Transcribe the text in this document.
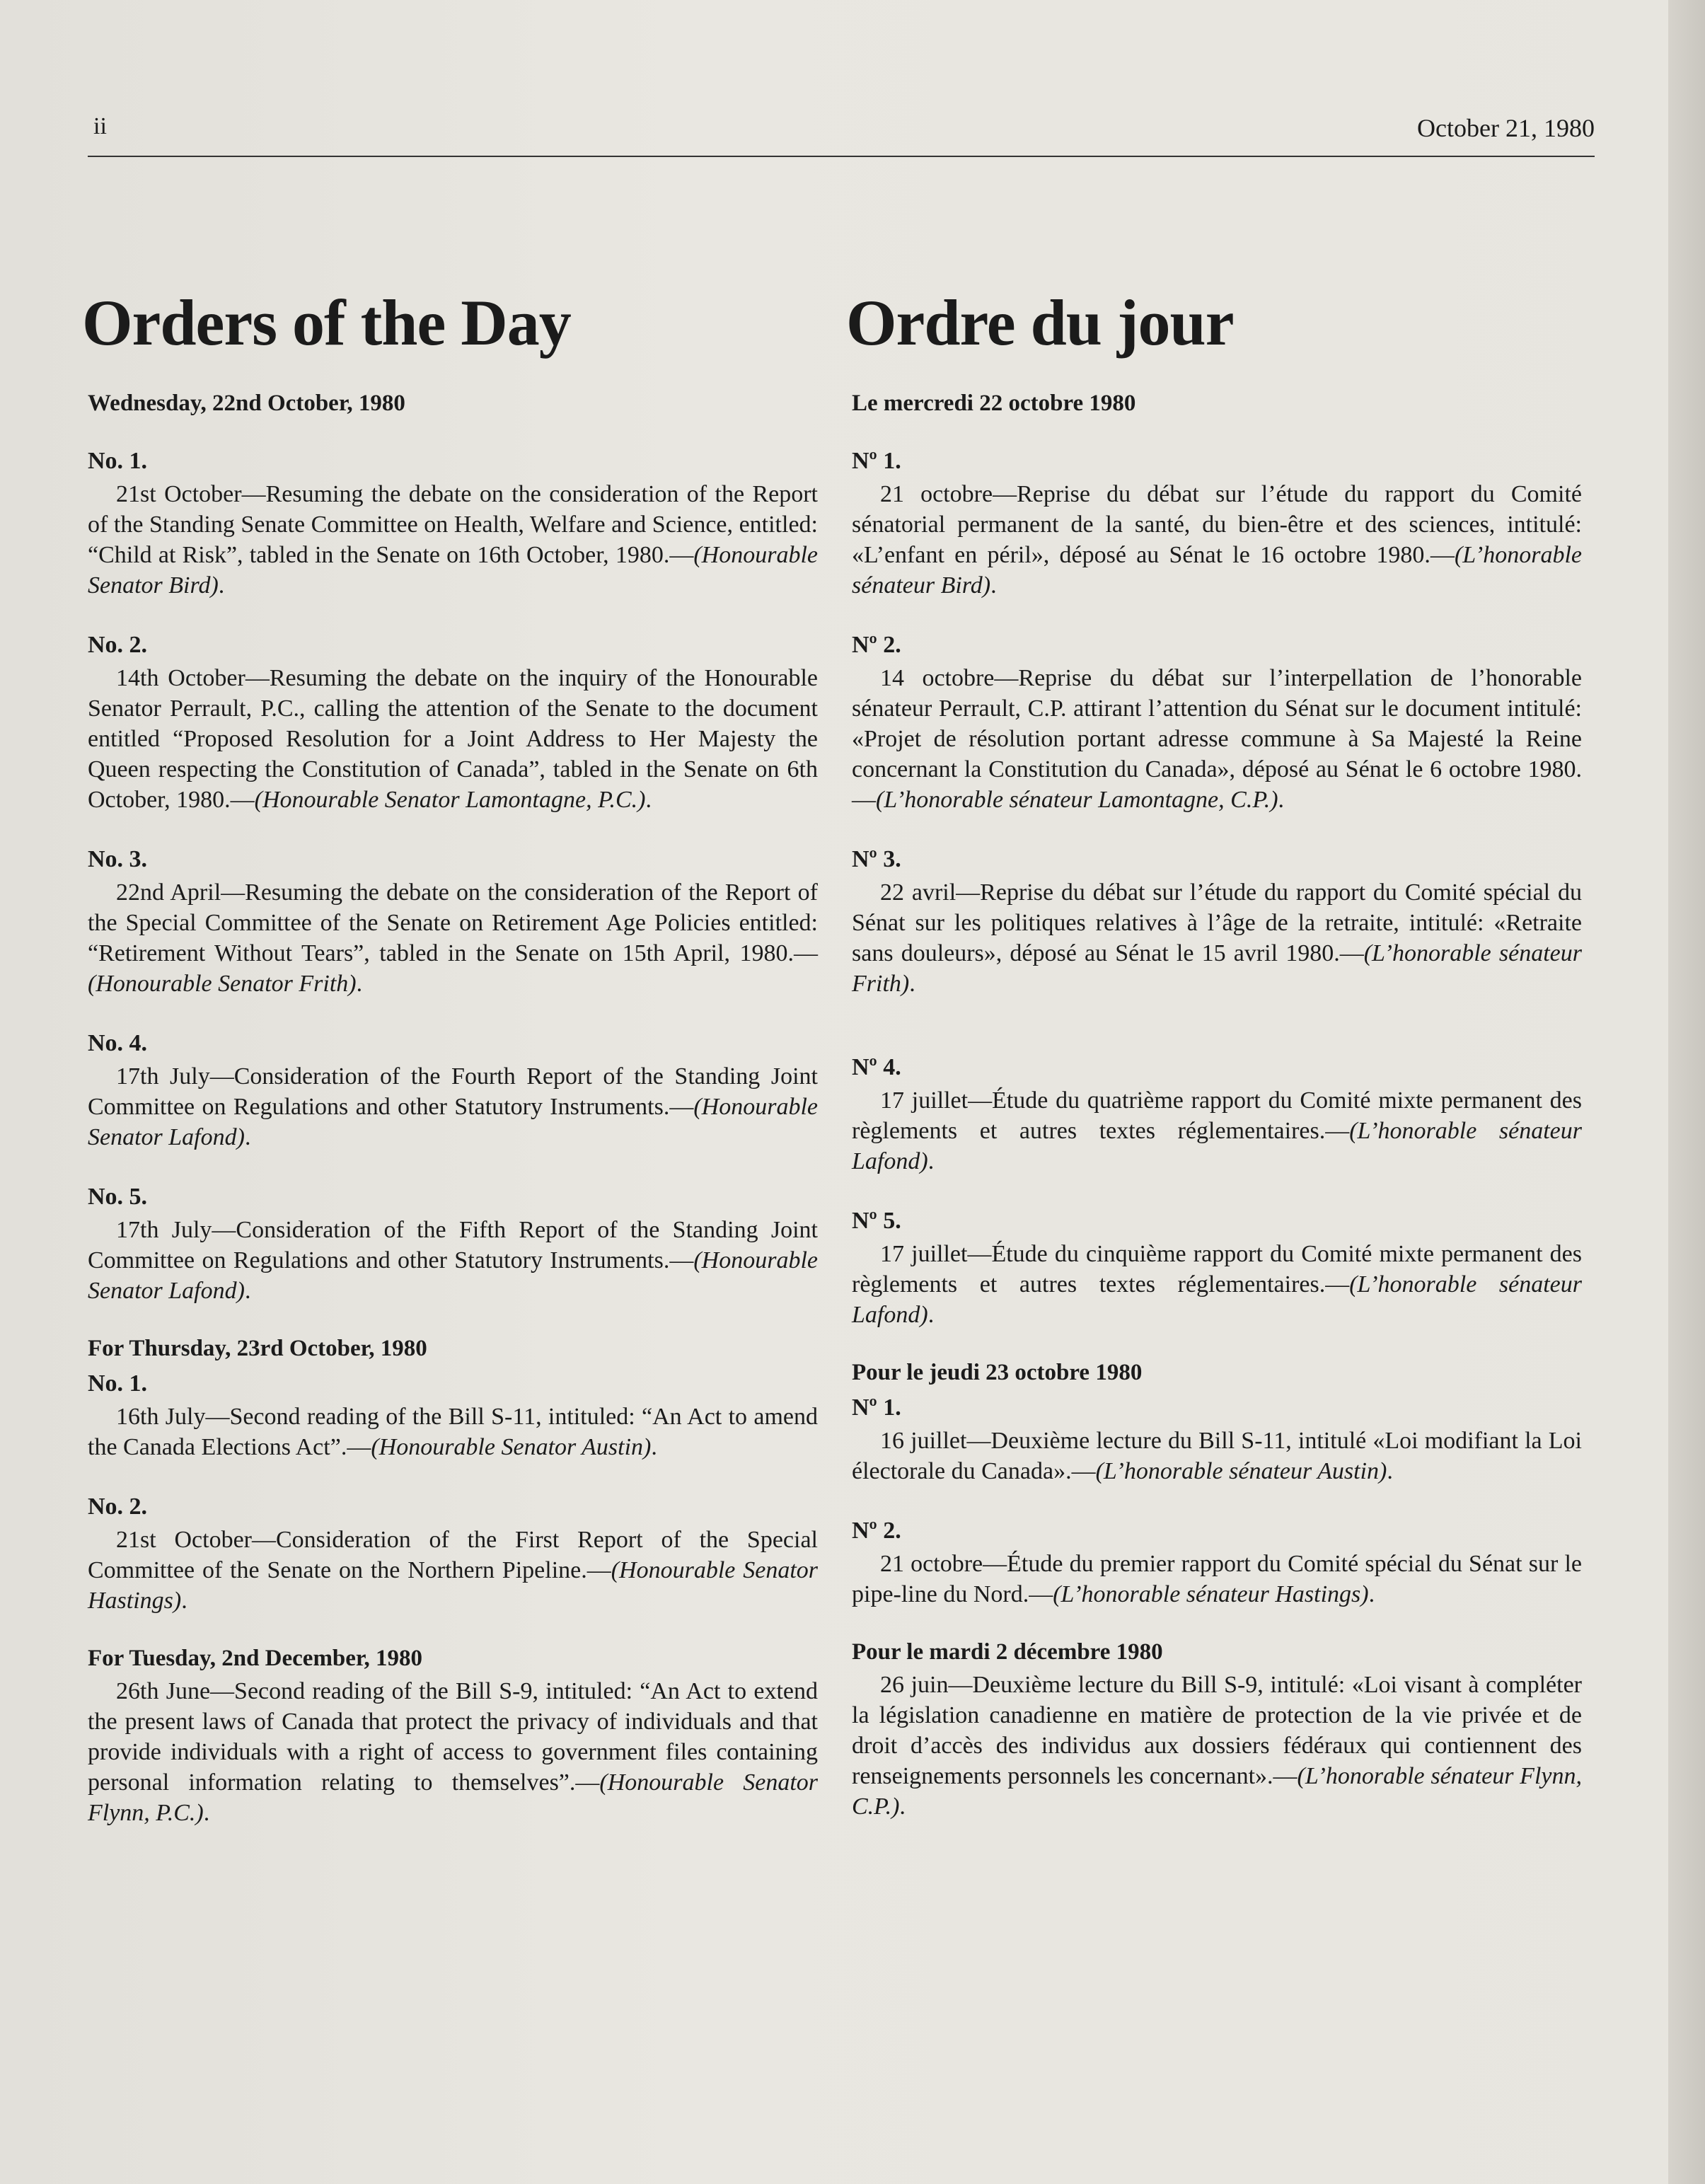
ii	October 21, 1980
Orders of the Day
Wednesday, 22nd October, 1980
No. 1.
21st October—Resuming the debate on the consideration of the Report of the Standing Senate Committee on Health, Welfare and Science, entitled: “Child at Risk”, tabled in the Senate on 16th October, 1980.—(Honourable Senator Bird).
No. 2.
14th October—Resuming the debate on the inquiry of the Honourable Senator Perrault, P.C., calling the attention of the Senate to the document entitled “Proposed Resolution for a Joint Address to Her Majesty the Queen respecting the Constitution of Canada”, tabled in the Senate on 6th October, 1980.—(Honourable Senator Lamontagne, P.C.).
No. 3.
22nd April—Resuming the debate on the consideration of the Report of the Special Committee of the Senate on Retirement Age Policies entitled: “Retirement Without Tears”, tabled in the Senate on 15th April, 1980.—(Honourable Senator Frith).
No. 4.
17th July—Consideration of the Fourth Report of the Standing Joint Committee on Regulations and other Statutory Instruments.—(Honourable Senator Lafond).
No. 5.
17th July—Consideration of the Fifth Report of the Standing Joint Committee on Regulations and other Statutory Instruments.—(Honourable Senator Lafond).
For Thursday, 23rd October, 1980
No. 1.
16th July—Second reading of the Bill S-11, intituled: “An Act to amend the Canada Elections Act”.—(Honourable Senator Austin).
No. 2.
21st October—Consideration of the First Report of the Special Committee of the Senate on the Northern Pipeline.—(Honourable Senator Hastings).
For Tuesday, 2nd December, 1980
26th June—Second reading of the Bill S-9, intituled: “An Act to extend the present laws of Canada that protect the privacy of individuals and that provide individuals with a right of access to government files containing personal information relating to themselves”.—(Honourable Senator Flynn, P.C.).
Ordre du jour
Le mercredi 22 octobre 1980
Nº 1.
21 octobre—Reprise du débat sur l’étude du rapport du Comité sénatorial permanent de la santé, du bien-être et des sciences, intitulé: «L’enfant en péril», déposé au Sénat le 16 octobre 1980.—(L’honorable sénateur Bird).
Nº 2.
14 octobre—Reprise du débat sur l’interpellation de l’honorable sénateur Perrault, C.P. attirant l’attention du Sénat sur le document intitulé: «Projet de résolution portant adresse commune à Sa Majesté la Reine concernant la Constitution du Canada», déposé au Sénat le 6 octobre 1980.—(L’honorable sénateur Lamontagne, C.P.).
Nº 3.
22 avril—Reprise du débat sur l’étude du rapport du Comité spécial du Sénat sur les politiques relatives à l’âge de la retraite, intitulé: «Retraite sans douleurs», déposé au Sénat le 15 avril 1980.—(L’honorable sénateur Frith).
Nº 4.
17 juillet—Étude du quatrième rapport du Comité mixte permanent des règlements et autres textes réglementaires.—(L’honorable sénateur Lafond).
Nº 5.
17 juillet—Étude du cinquième rapport du Comité mixte permanent des règlements et autres textes réglementaires.—(L’honorable sénateur Lafond).
Pour le jeudi 23 octobre 1980
Nº 1.
16 juillet—Deuxième lecture du Bill S-11, intitulé «Loi modifiant la Loi électorale du Canada».—(L’honorable sénateur Austin).
Nº 2.
21 octobre—Étude du premier rapport du Comité spécial du Sénat sur le pipe-line du Nord.—(L’honorable sénateur Hastings).
Pour le mardi 2 décembre 1980
26 juin—Deuxième lecture du Bill S-9, intitulé: «Loi visant à compléter la législation canadienne en matière de protection de la vie privée et de droit d’accès des individus aux dossiers fédéraux qui contiennent des renseignements personnels les concernant».—(L’honorable sénateur Flynn, C.P.).
